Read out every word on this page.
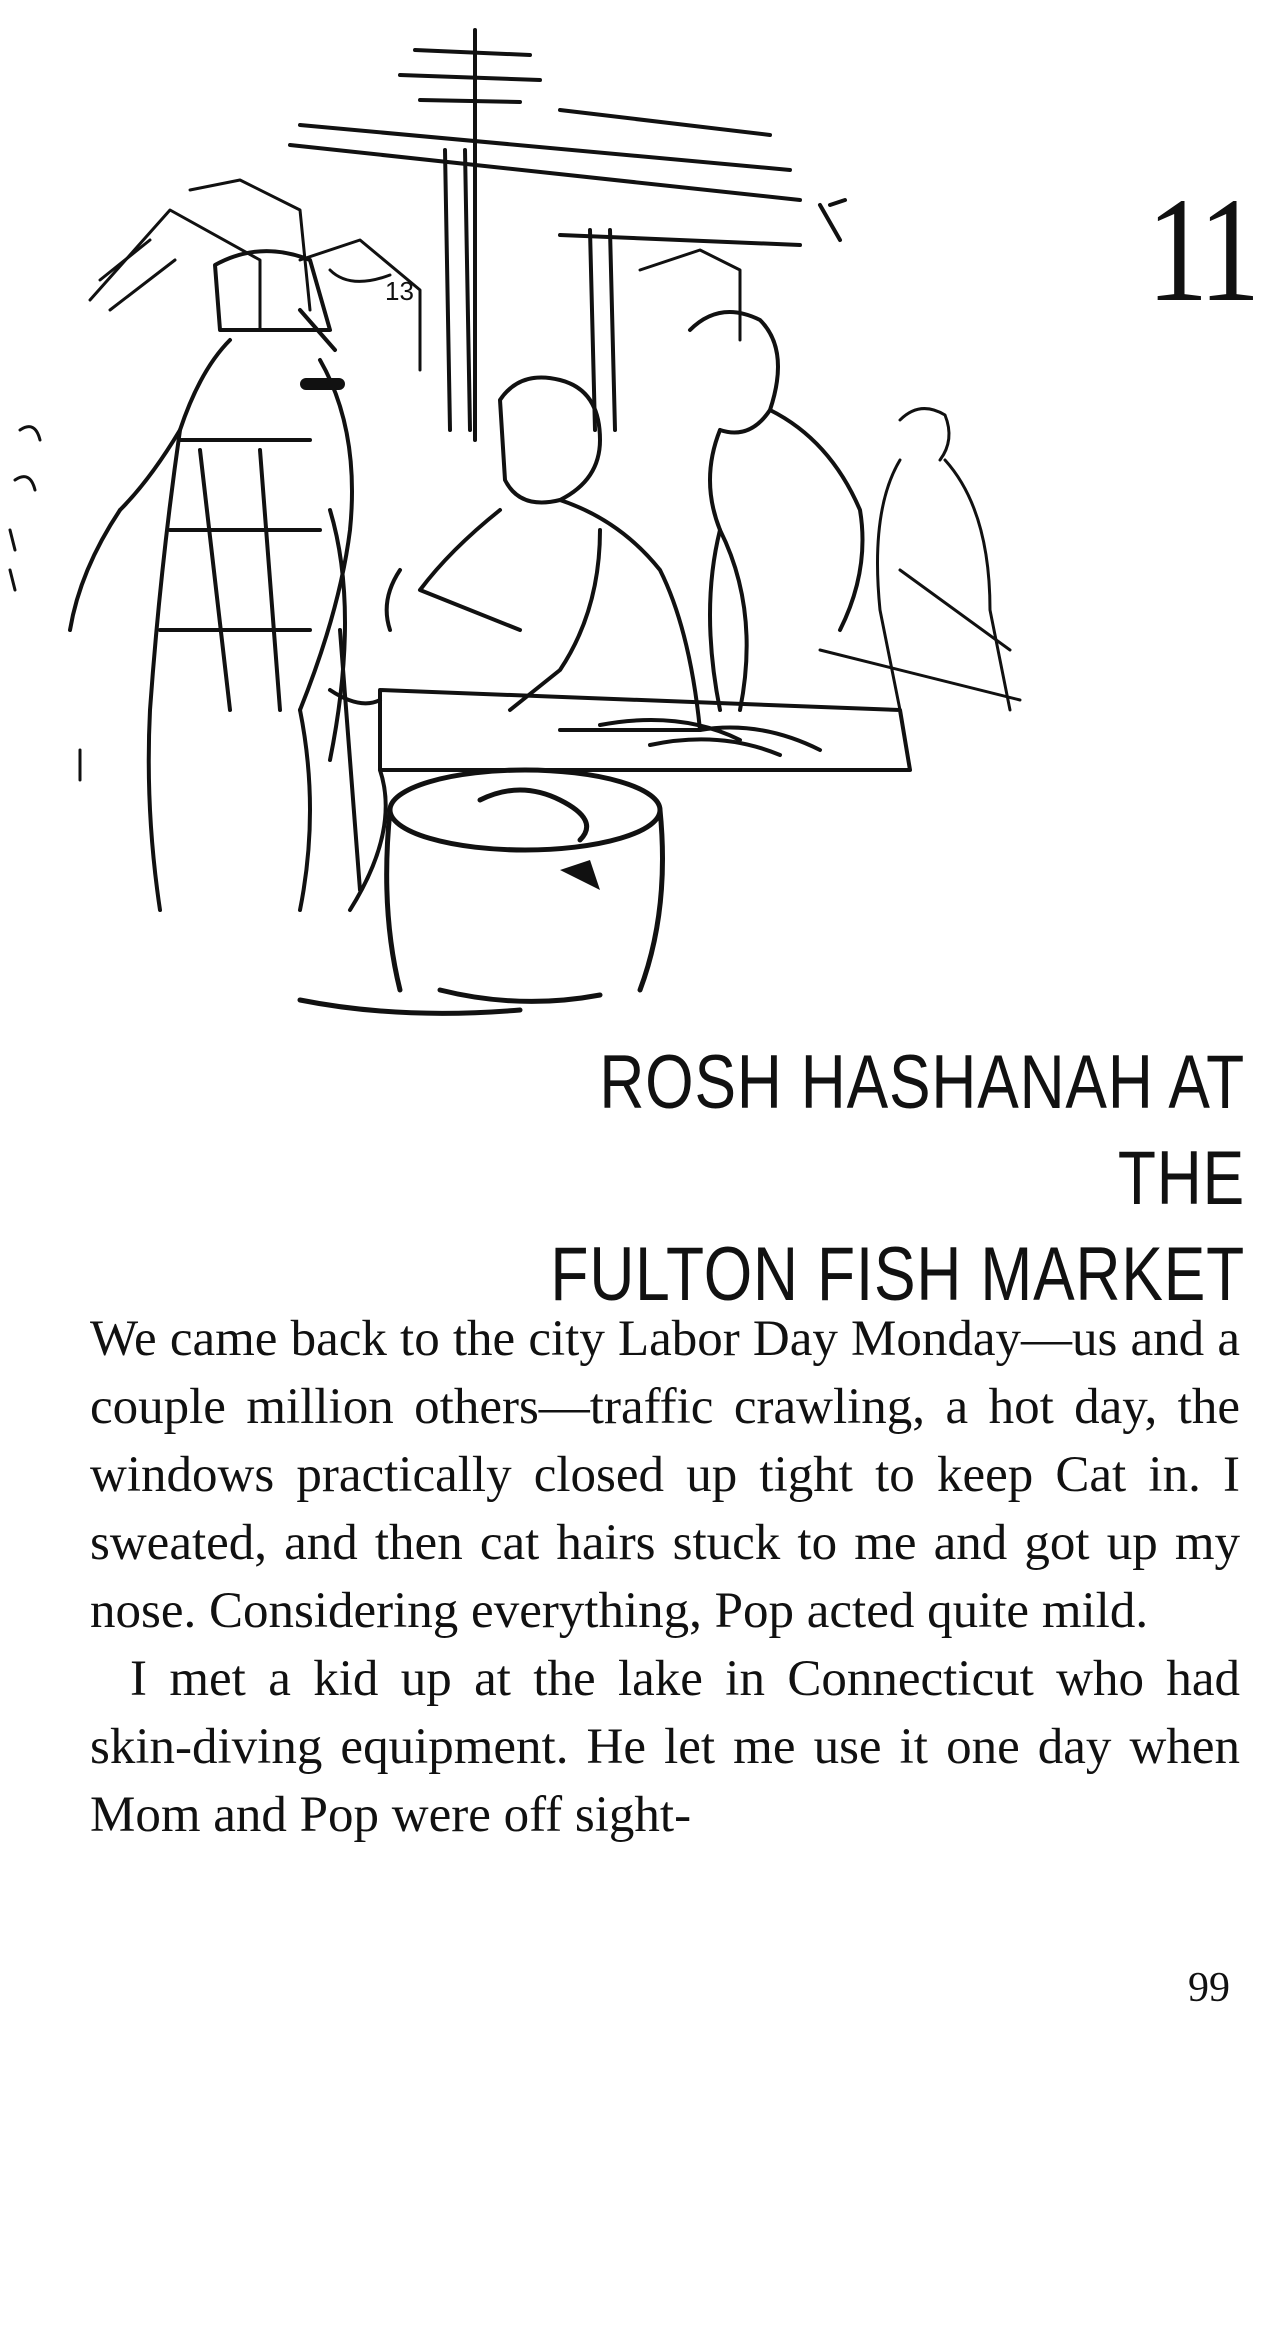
13	11
ROSH HASHANAH AT THE
FULTON FISH MARKET

We came back to the city Labor Day Monday—us and a couple million others—traffic crawling, a hot day, the windows practically closed up tight to keep Cat in. I sweated, and then cat hairs stuck to me and got up my nose. Considering everything, Pop acted quite mild.

I met a kid up at the lake in Connecticut who had skin-diving equipment. He let me use it one day when Mom and Pop were off sight-

99
